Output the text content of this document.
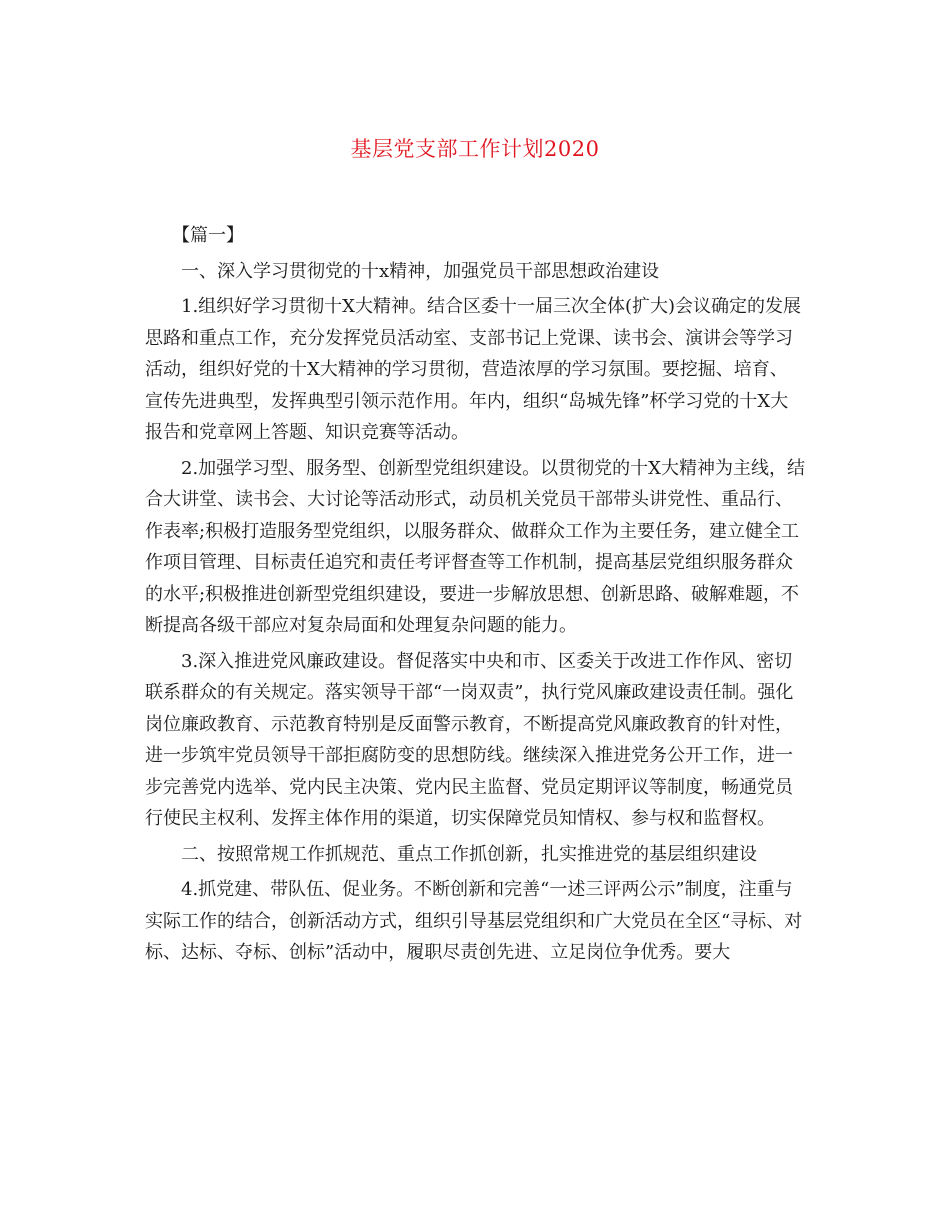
基层党支部工作计划2020

【篇一】

一、深入学习贯彻党的十x精神，加强党员干部思想政治建设

1.组织好学习贯彻十X大精神。结合区委十一届三次全体(扩大)会议确定的发展思路和重点工作，充分发挥党员活动室、支部书记上党课、读书会、演讲会等学习活动，组织好党的十X大精神的学习贯彻，营造浓厚的学习氛围。要挖掘、培育、宣传先进典型，发挥典型引领示范作用。年内，组织“岛城先锋”杯学习党的十X大报告和党章网上答题、知识竞赛等活动。

2.加强学习型、服务型、创新型党组织建设。以贯彻党的十X大精神为主线，结合大讲堂、读书会、大讨论等活动形式，动员机关党员干部带头讲党性、重品行、作表率;积极打造服务型党组织，以服务群众、做群众工作为主要任务，建立健全工作项目管理、目标责任追究和责任考评督查等工作机制，提高基层党组织服务群众的水平;积极推进创新型党组织建设，要进一步解放思想、创新思路、破解难题，不断提高各级干部应对复杂局面和处理复杂问题的能力。

3.深入推进党风廉政建设。督促落实中央和市、区委关于改进工作作风、密切联系群众的有关规定。落实领导干部“一岗双责”，执行党风廉政建设责任制。强化岗位廉政教育、示范教育特别是反面警示教育，不断提高党风廉政教育的针对性，进一步筑牢党员领导干部拒腐防变的思想防线。继续深入推进党务公开工作，进一步完善党内选举、党内民主决策、党内民主监督、党员定期评议等制度，畅通党员行使民主权利、发挥主体作用的渠道，切实保障党员知情权、参与权和监督权。

二、按照常规工作抓规范、重点工作抓创新，扎实推进党的基层组织建设

4.抓党建、带队伍、促业务。不断创新和完善“一述三评两公示”制度，注重与实际工作的结合，创新活动方式，组织引导基层党组织和广大党员在全区“寻标、对标、达标、夺标、创标”活动中，履职尽责创先进、立足岗位争优秀。要大
